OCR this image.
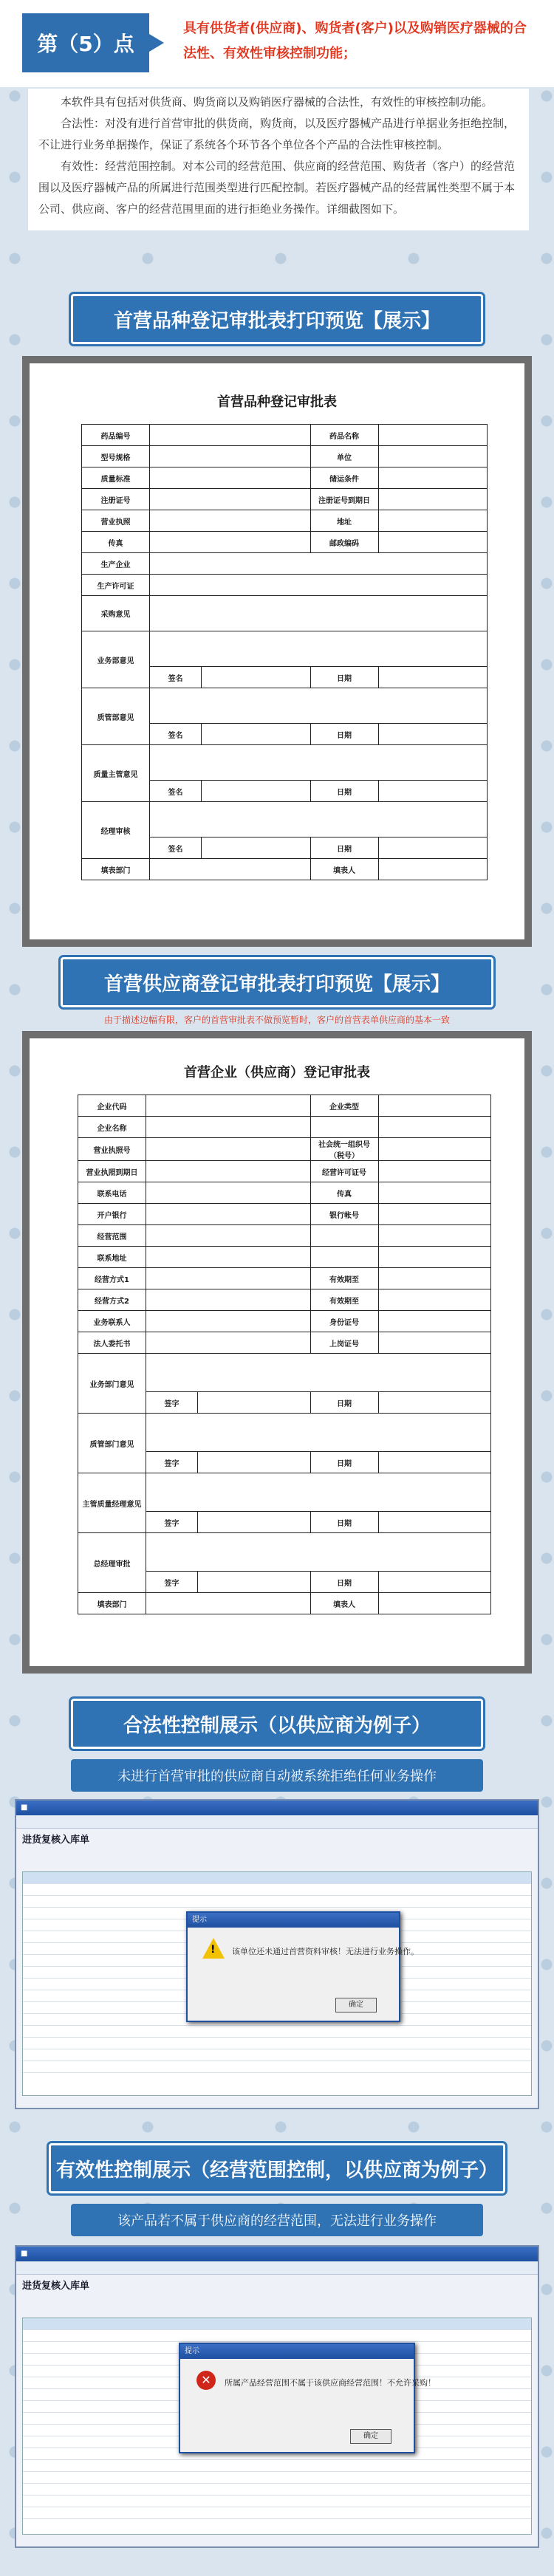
第（5）点
具有供货者(供应商)、购货者(客户)以及购销医疗器械的合法性、有效性审核控制功能；

本软件具有包括对供货商、购货商以及购销医疗器械的合法性，有效性的审核控制功能。

合法性：对没有进行首营审批的供货商，购货商，以及医疗器械产品进行单据业务拒绝控制，不让进行业务单据操作，保证了系统各个环节各个单位各个产品的合法性审核控制。

有效性：经营范围控制。对本公司的经营范围、供应商的经营范围、购货者（客户）的经营范围以及医疗器械产品的所属进行范围类型进行匹配控制。若医疗器械产品的经营属性类型不属于本公司、供应商、客户的经营范围里面的进行拒绝业务操作。详细截图如下。

首营品种登记审批表打印预览【展示】
首营品种登记审批表
药品编号			药品名称	
型号规格			单位	
质量标准			储运条件	
注册证号			注册证号到期日	
营业执照			地址	
传真			邮政编码	
生产企业				
生产许可证				
采购意见				
业务部意见				
	签名		日期	
质管部意见				
	签名		日期	
质量主管意见				
	签名		日期	
经理审核				
	签名		日期	
填表部门			填表人	
首营供应商登记审批表打印预览【展示】
由于描述边幅有限，客户的首营审批表不做预览暂时，客户的首营表单供应商的基本一致
首营企业（供应商）登记审批表
企业代码			企业类型	
企业名称				
营业执照号			社会统一组织号（税号）	
营业执照到期日			经营许可证号	
联系电话			传真	
开户银行			银行帐号	
经营范围				
联系地址				
经营方式1			有效期至	
经营方式2			有效期至	
业务联系人			身份证号	
法人委托书			上岗证号	
业务部门意见				
	签字		日期	
质管部门意见				
	签字		日期	
主管质量经理意见				
	签字		日期	
总经理审批				
	签字		日期	
填表部门			填表人	
合法性控制展示（以供应商为例子）
未进行首营审批的供应商自动被系统拒绝任何业务操作
■
进货复核入库单
提示
! 该单位还未通过首营资料审核！无法进行业务操作。
确定
有效性控制展示（经营范围控制，以供应商为例子）
该产品若不属于供应商的经营范围，无法进行业务操作
■
进货复核入库单
提示
✕	所属产品经营范围不属于该供应商经营范围！不允许采购！
确定
